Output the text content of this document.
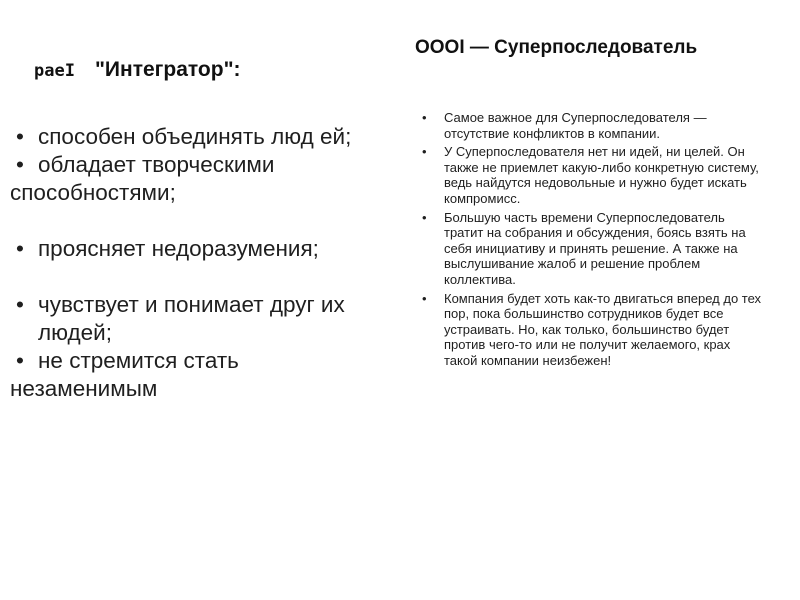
раеI "Интегратор":
• способен объединять люд ей;
• обладает творческими
способностями;
• проясняет недоразумения;
• чувствует и понимает друг их людей;
• не стремится стать
незаменимым
OOOI — Суперпоследователь
• Самое важное для Суперпоследователя — отсутствие конфликтов в компании.
• У Суперпоследователя нет ни идей, ни целей. Он также не приемлет какую-либо конкретную систему, ведь найдутся недовольные и нужно будет искать компромисс.
• Большую часть времени Суперпоследователь тратит на собрания и обсуждения, боясь взять на себя инициативу и принять решение. А также на выслушивание жалоб и решение проблем коллектива.
• Компания будет хоть как-то двигаться вперед до тех пор, пока большинство сотрудников будет все устраивать. Но, как только, большинство будет против чего-то или не получит желаемого, крах такой компании неизбежен!
